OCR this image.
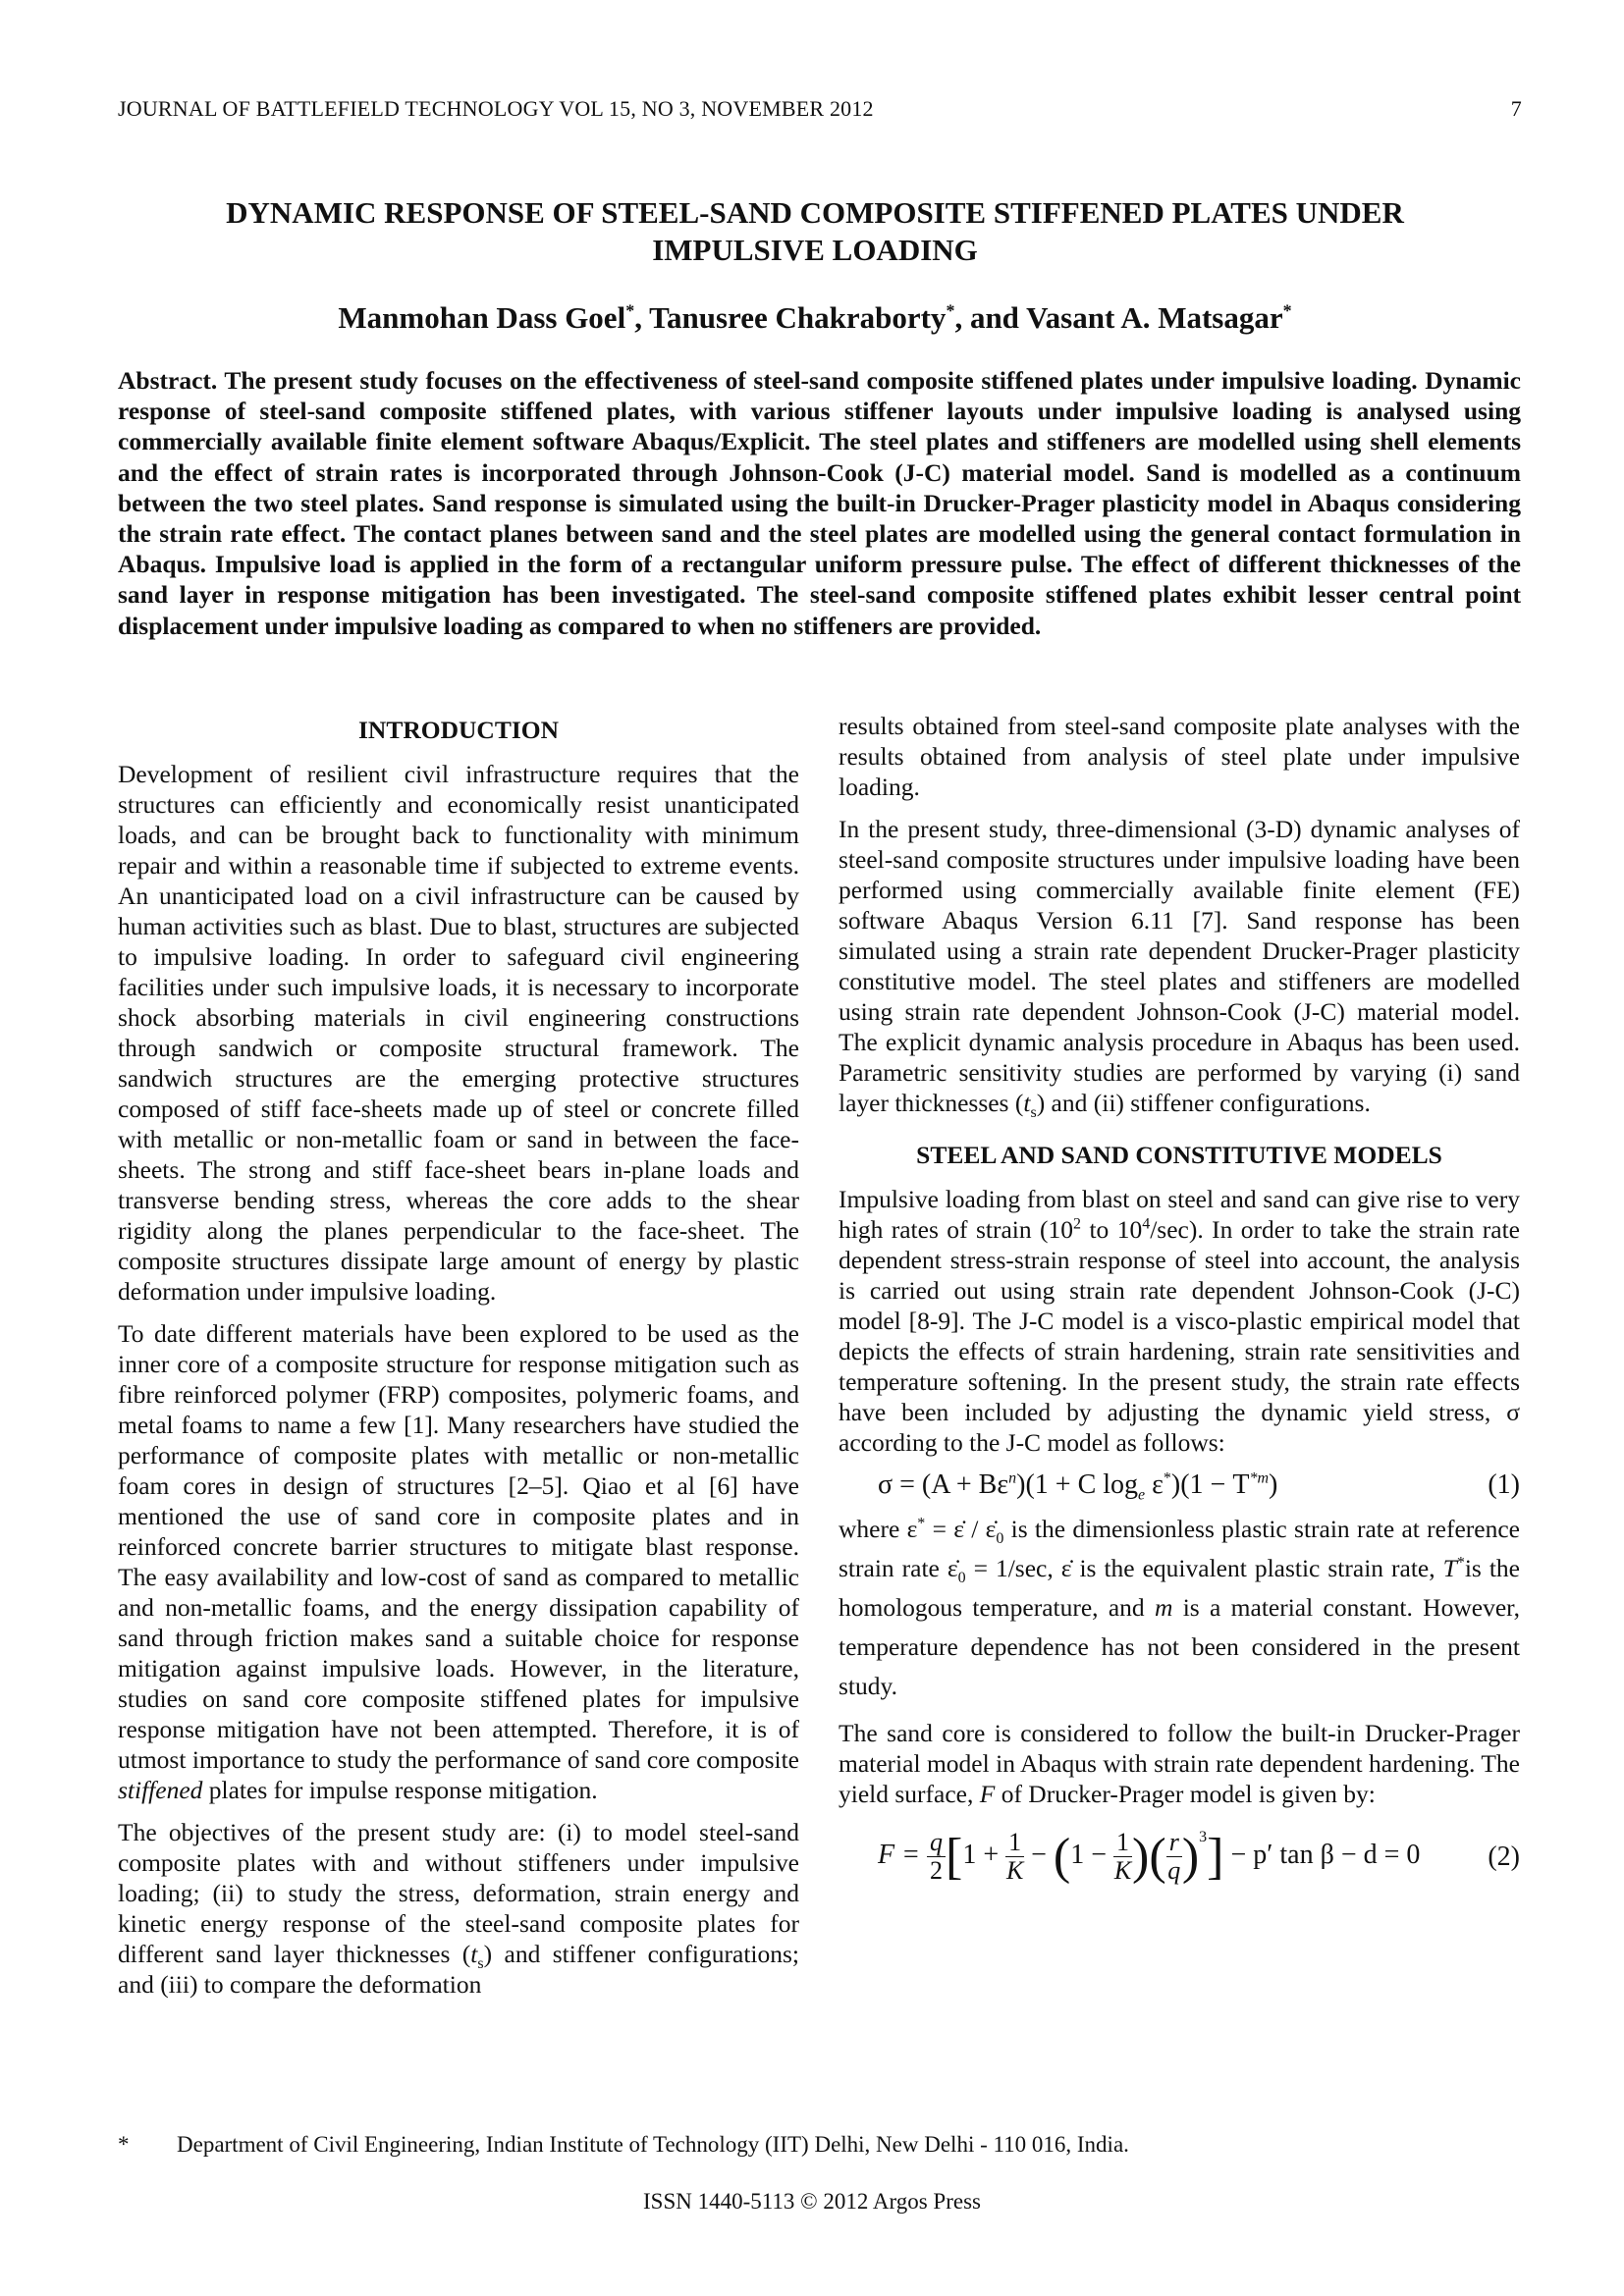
JOURNAL OF BATTLEFIELD TECHNOLOGY VOL 15, NO 3, NOVEMBER 2012	7
DYNAMIC RESPONSE OF STEEL-SAND COMPOSITE STIFFENED PLATES UNDER IMPULSIVE LOADING
Manmohan Dass Goel*, Tanusree Chakraborty*, and Vasant A. Matsagar*
Abstract. The present study focuses on the effectiveness of steel-sand composite stiffened plates under impulsive loading. Dynamic response of steel-sand composite stiffened plates, with various stiffener layouts under impulsive loading is analysed using commercially available finite element software Abaqus/Explicit. The steel plates and stiffeners are modelled using shell elements and the effect of strain rates is incorporated through Johnson-Cook (J-C) material model. Sand is modelled as a continuum between the two steel plates. Sand response is simulated using the built-in Drucker-Prager plasticity model in Abaqus considering the strain rate effect. The contact planes between sand and the steel plates are modelled using the general contact formulation in Abaqus. Impulsive load is applied in the form of a rectangular uniform pressure pulse. The effect of different thicknesses of the sand layer in response mitigation has been investigated. The steel-sand composite stiffened plates exhibit lesser central point displacement under impulsive loading as compared to when no stiffeners are provided.
INTRODUCTION

Development of resilient civil infrastructure requires that the structures can efficiently and economically resist unanticipated loads, and can be brought back to functionality with minimum repair and within a reasonable time if subjected to extreme events. An unanticipated load on a civil infrastructure can be caused by human activities such as blast. Due to blast, structures are subjected to impulsive loading. In order to safeguard civil engineering facilities under such impulsive loads, it is necessary to incorporate shock absorbing materials in civil engineering constructions through sandwich or composite structural framework. The sandwich structures are the emerging protective structures composed of stiff face-sheets made up of steel or concrete filled with metallic or non-metallic foam or sand in between the face-sheets. The strong and stiff face-sheet bears in-plane loads and transverse bending stress, whereas the core adds to the shear rigidity along the planes perpendicular to the face-sheet. The composite structures dissipate large amount of energy by plastic deformation under impulsive loading.

To date different materials have been explored to be used as the inner core of a composite structure for response mitigation such as fibre reinforced polymer (FRP) composites, polymeric foams, and metal foams to name a few [1]. Many researchers have studied the performance of composite plates with metallic or non-metallic foam cores in design of structures [2–5]. Qiao et al [6] have mentioned the use of sand core in composite plates and in reinforced concrete barrier structures to mitigate blast response. The easy availability and low-cost of sand as compared to metallic and non-metallic foams, and the energy dissipation capability of sand through friction makes sand a suitable choice for response mitigation against impulsive loads. However, in the literature, studies on sand core composite stiffened plates for impulsive response mitigation have not been attempted. Therefore, it is of utmost importance to study the performance of sand core composite stiffened plates for impulse response mitigation.

The objectives of the present study are: (i) to model steel-sand composite plates with and without stiffeners under impulsive loading; (ii) to study the stress, deformation, strain energy and kinetic energy response of the steel-sand composite plates for different sand layer thicknesses $(t_s)$ and stiffener configurations; and (iii) to compare the deformation

results obtained from steel-sand composite plate analyses with the results obtained from analysis of steel plate under impulsive loading.

In the present study, three-dimensional (3-D) dynamic analyses of steel-sand composite structures under impulsive loading have been performed using commercially available finite element (FE) software Abaqus Version 6.11 [7]. Sand response has been simulated using a strain rate dependent Drucker-Prager plasticity constitutive model. The steel plates and stiffeners are modelled using strain rate dependent Johnson-Cook (J-C) material model. The explicit dynamic analysis procedure in Abaqus has been used. Parametric sensitivity studies are performed by varying (i) sand layer thicknesses $(t_s)$ and (ii) stiffener configurations.

STEEL AND SAND CONSTITUTIVE MODELS

Impulsive loading from blast on steel and sand can give rise to very high rates of strain ($10^2$ to $10^4/\sec$). In order to take the strain rate dependent stress-strain response of steel into account, the analysis is carried out using strain rate dependent Johnson-Cook (J-C) model [8-9]. The J-C model is a visco-plastic empirical model that depicts the effects of strain hardening, strain rate sensitivities and temperature softening. In the present study, the strain rate effects have been included by adjusting the dynamic yield stress, σ according to the J-C model as follows:

$\sigma = (A + B\varepsilon^n)(1 + C$ $\log_e \varepsilon^*)(1 - T^{*m})$	(1)

where ε* = ε̇ / $\varepsiloṅ_0$ is the dimensionless plastic strain rate at reference strain rate $\varepsiloṅ_0 = 1/\sec$, ε̇ is the equivalent plastic strain rate, T*is the homologous temperature, and m is a material constant. However, temperature dependence has not been considered in the present study.

The sand core is considered to follow the built-in Drucker-Prager material model in Abaqus with strain rate dependent hardening. The yield surface, F of Drucker-Prager model is given by:

$F = \frac{q}{2} [1 + \frac{1}{K} - (1 - \frac{1}{K}$ )( $\frac{r}{q} )^3] - p'$ tan β − d = 0 (2)
* Department of Civil Engineering, Indian Institute of Technology (IIT) Delhi, New Delhi - 110 016, India.
ISSN 1440-5113 © 2012 Argos Press
